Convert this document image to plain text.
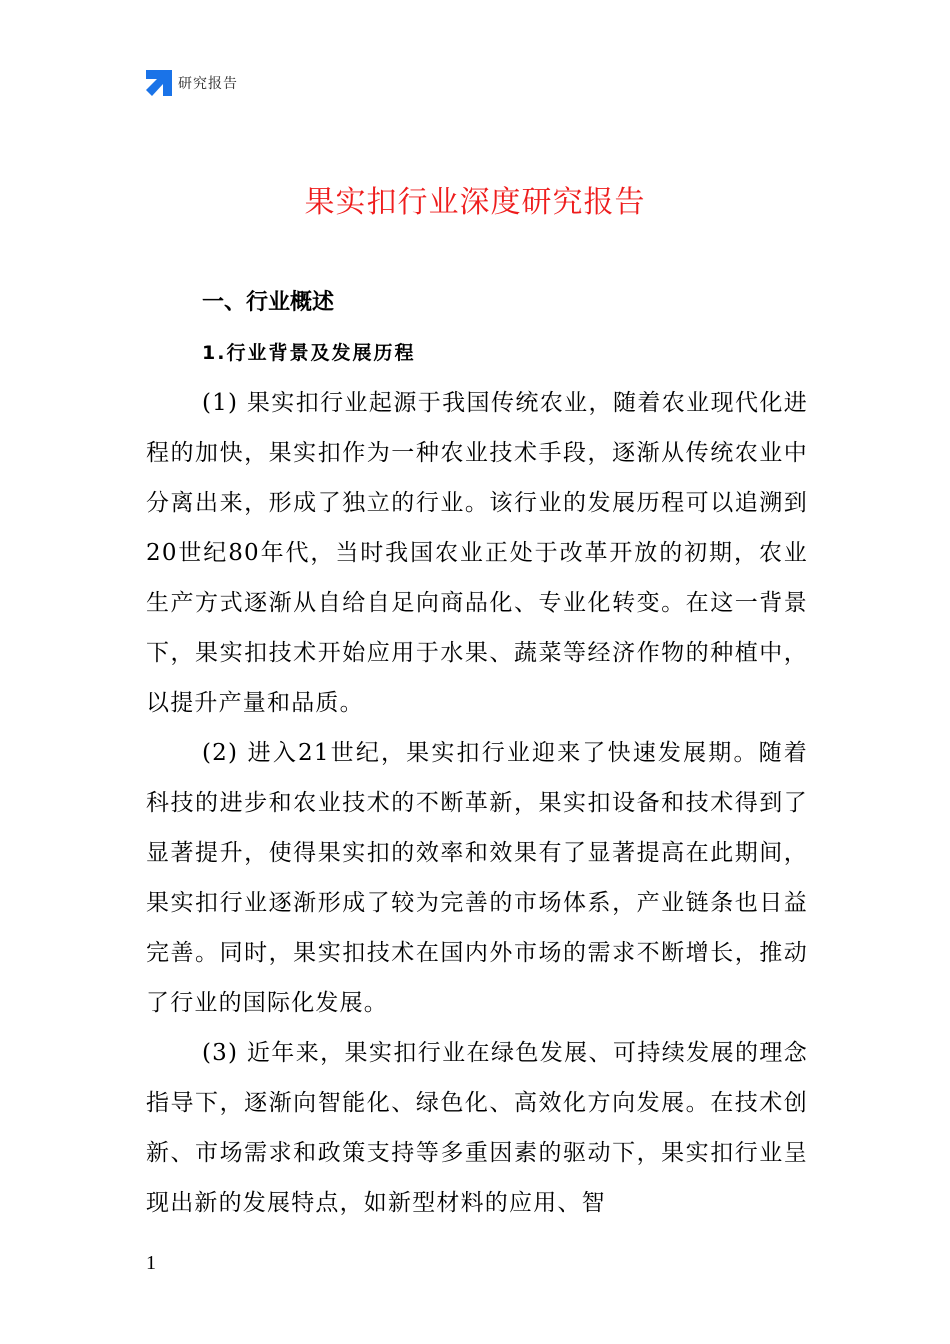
研究报告
果实扣行业深度研究报告
一、行业概述
1.行业背景及发展历程

(1) 果实扣行业起源于我国传统农业，随着农业现代化进程的加快，果实扣作为一种农业技术手段，逐渐从传统农业中分离出来，形成了独立的行业。该行业的发展历程可以追溯到20世纪80年代，当时我国农业正处于改革开放的初期，农业生产方式逐渐从自给自足向商品化、专业化转变。在这一背景下，果实扣技术开始应用于水果、蔬菜等经济作物的种植中，以提升产量和品质。

(2) 进入21世纪，果实扣行业迎来了快速发展期。随着科技的进步和农业技术的不断革新，果实扣设备和技术得到了显著提升，使得果实扣的效率和效果有了显著提高在此期间，果实扣行业逐渐形成了较为完善的市场体系，产业链条也日益完善。同时，果实扣技术在国内外市场的需求不断增长，推动了行业的国际化发展。

(3) 近年来，果实扣行业在绿色发展、可持续发展的理念指导下，逐渐向智能化、绿色化、高效化方向发展。在技术创新、市场需求和政策支持等多重因素的驱动下，果实扣行业呈现出新的发展特点，如新型材料的应用、智

1
